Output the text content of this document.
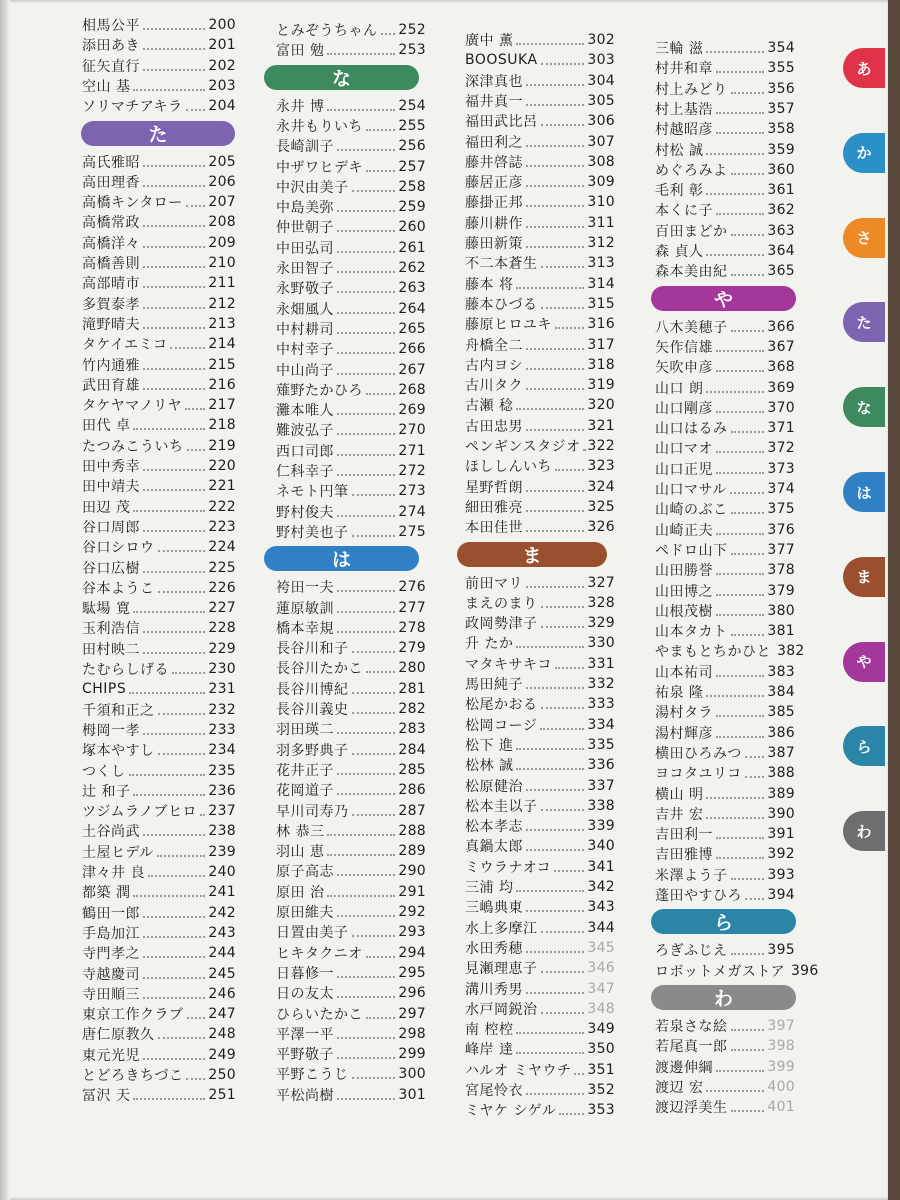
相馬公平	200
添田あき	201
征矢直行	202
空山 基	203
ソリマチアキラ 204
た
高氏雅昭	205
高田理香	206
高橋キンタロー 207
高橋常政	208
高橋洋々	209
高橋善則	210
高部晴市	211
多賀泰孝	212
滝野晴夫	213
タケイエミコ	214
竹内通雅	215
武田育雄	216
タケヤマノリヤ 217
田代 卓	218
たつみこういち 219
田中秀幸	220
田中靖夫	221
田辺 茂	222
谷口周郎	223
谷口シロウ	224
谷口広樹	225
谷本ようこ	226
駄場 寛	227
玉利浩信	228
田村映二	229
たむらしげる	230
CHIPS	231
千須和正之	232
栂岡一孝	233
塚本やすし	234
つくし	235
辻 和子	236
ツジムラノブヒロ 237
土谷尚武	238
土屋ヒデル	239
津々井 良	240
都築 潤	241
鶴田一郎	242
手島加江	243
寺門孝之	244
寺越慶司	245
寺田順三	246
東京工作クラブ 247
唐仁原教久	248
東元光児	249
とどろきちづこ 250
冨沢 天	251
とみぞうちゃん 252
富田 勉	253
な
永井 博	254
永井もりいち	255
長崎訓子	256
中ザワヒデキ	257
中沢由美子	258
中島美弥	259
仲世朝子	260
中田弘司	261
永田智子	262
永野敬子	263
永畑風人	264
中村耕司	265
中村幸子	266
中山尚子	267
薙野たかひろ	268
灘本唯人	269
難波弘子	270
西口司郎	271
仁科幸子	272
ネモト円筆	273
野村俊夫	274
野村美也子	275
は
袴田一夫	276
蓮原敏訓	277
橋本幸規	278
長谷川和子	279
長谷川たかこ	280
長谷川博紀	281
長谷川義史	282
羽田瑛二	283
羽多野典子	284
花井正子	285
花岡道子	286
早川司寿乃	287
林 恭三	288
羽山 恵	289
原子高志	290
原田 治	291
原田維夫	292
日置由美子	293
ヒキタクニオ	294
日暮修一	295
日の友太	296
ひらいたかこ	297
平澤一平	298
平野敬子	299
平野こうじ	300
平松尚樹	301
廣中 薫	302
BOOSUKA	303
深津真也	304
福井真一	305
福田武比呂	306
福田利之	307
藤井啓誌	308
藤居正彦	309
藤掛正邦	310
藤川耕作	311
藤田新策	312
不二本蒼生	313
藤本 将	314
藤本ひづる	315
藤原ヒロユキ	316
舟橋全二	317
古内ヨシ	318
古川タク	319
古瀬 稔	320
古田忠男	321
ペンギンスタジオ 322
ほししんいち	323
星野哲朗	324
細田雅亮	325
本田佳世	326
ま
前田マリ	327
まえのまり	328
政岡勢津子	329
升 たか	330
マタキサキコ	331
馬田純子	332
松尾かおる	333
松岡コージ	334
松下 進	335
松林 誠	336
松原健治	337
松本圭以子	338
松本孝志	339
真鍋太郎	340
ミウラナオコ	341
三浦 均	342
三嶋典東	343
水上多摩江	344
水田秀穂	345
見瀬理恵子	346
溝川秀男	347
水戸岡鋭治	348
南 椌椌	349
峰岸 達	350
ハルオ ミヤウチ 351
宮尾怜衣	352
ミヤケ シゲル 353
三輪 滋	354
村井和章	355
村上みどり	356
村上基浩	357
村越昭彦	358
村松 誠	359
めぐろみよ	360
毛利 彰	361
本くに子	362
百田まどか	363
森 貞人	364
森本美由紀	365
や
八木美穂子	366
矢作信雄	367
矢吹申彦	368
山口 朗	369
山口剛彦	370
山口はるみ	371
山口マオ	372
山口正児	373
山口マサル	374
山崎のぶこ	375
山崎正夫	376
ペドロ山下	377
山田勝誉	378
山田博之	379
山根茂樹	380
山本タカト	381
やまもとちかひと 382
山本祐司	383
祐泉 隆	384
湯村タラ	385
湯村輝彦	386
横田ひろみつ 387
ヨコタユリコ 388
横山 明	389
吉井 宏	390
吉田利一	391
吉田雅博	392
米澤よう子	393
蓬田やすひろ 394
ら
ろぎふじえ	395
ロボットメガストア 396
わ
若泉さな絵	397
若尾真一郎	398
渡邊伸綱	399
渡辺 宏	400
渡辺浮美生	401
あ
か
さ
た
な
は
ま
や
ら
わ
